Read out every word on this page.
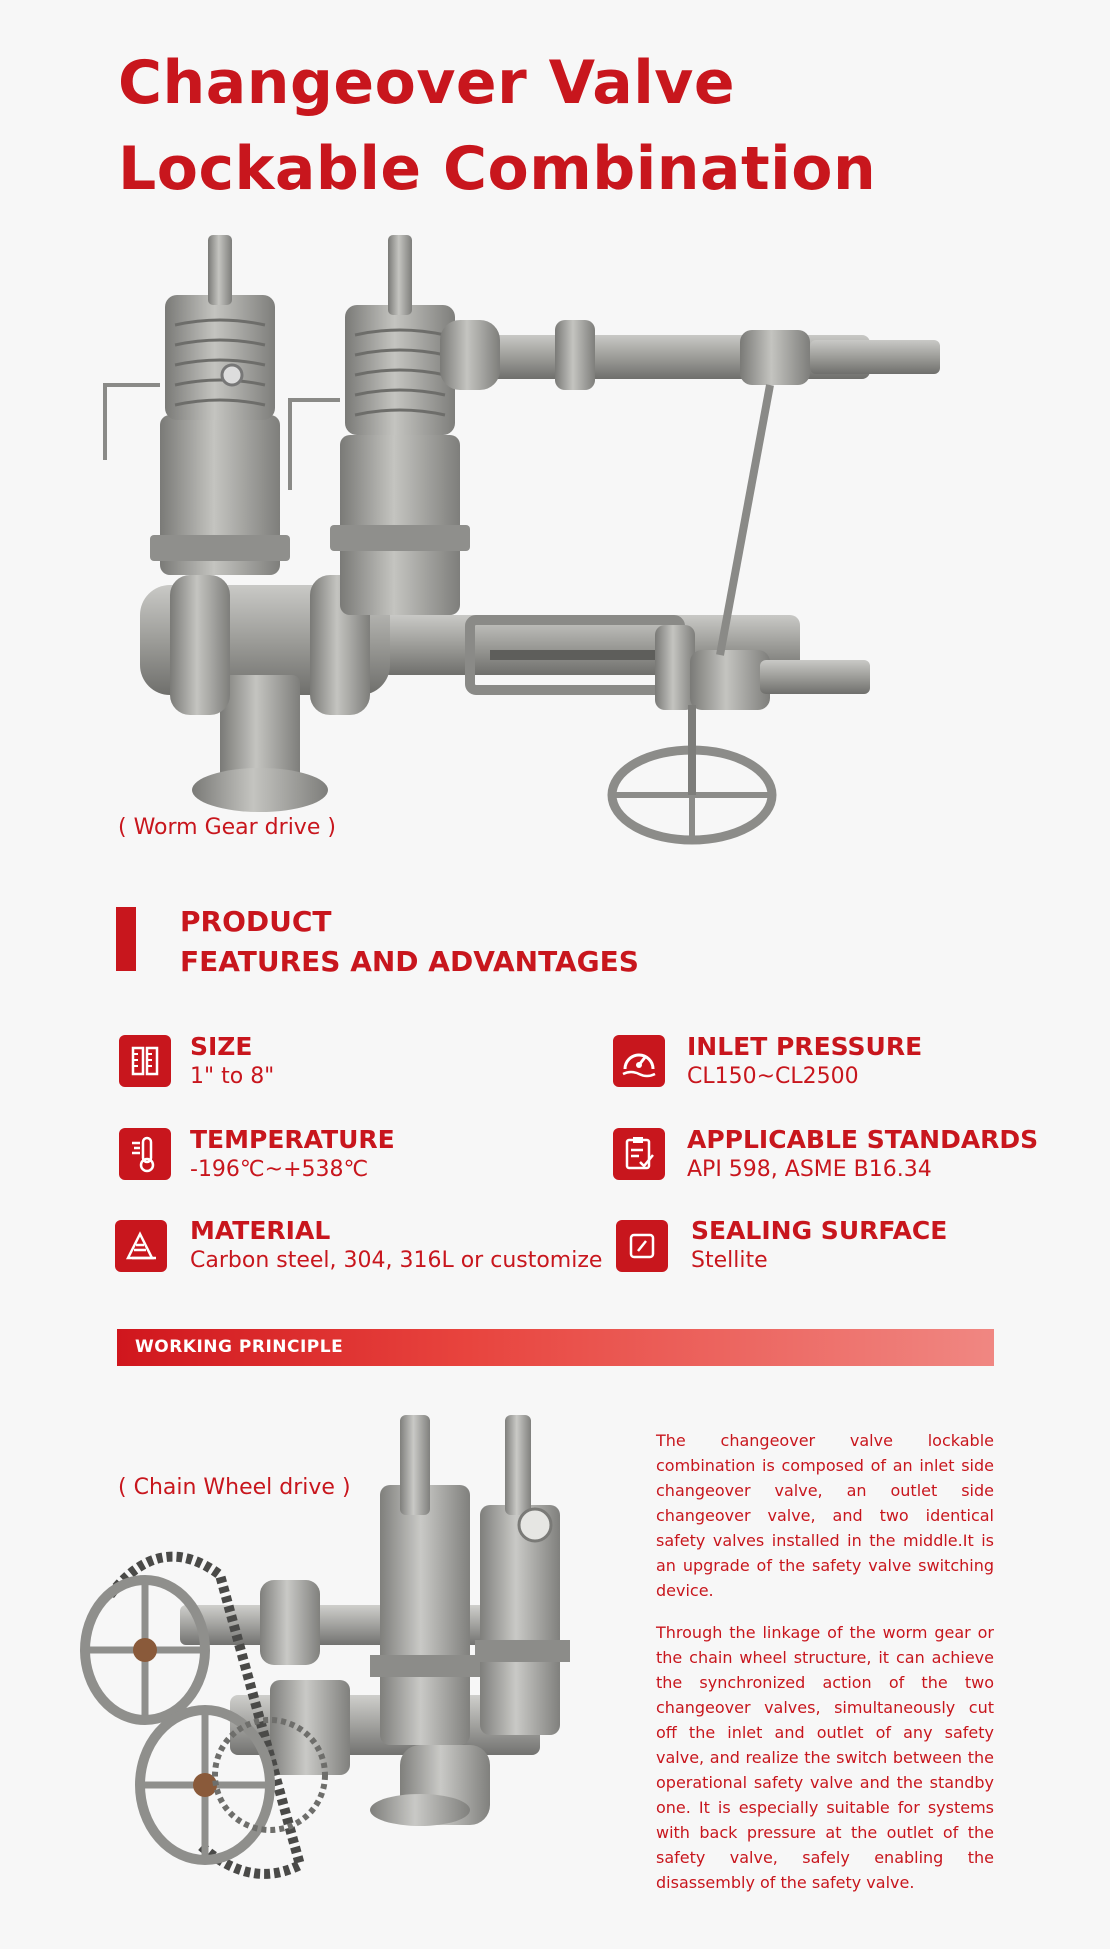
Changeover Valve
Lockable Combination
( Worm Gear drive )
PRODUCT
FEATURES AND ADVANTAGES
SIZE
1" to 8"
INLET PRESSURE
CL150~CL2500
TEMPERATURE
-196℃~+538℃
APPLICABLE STANDARDS
API 598, ASME B16.34
MATERIAL
Carbon steel, 304, 316L or customize
SEALING SURFACE
Stellite
WORKING PRINCIPLE
( Chain Wheel drive )

The changeover valve lockable combination is composed of an inlet side changeover valve, an outlet side changeover valve, and two identical safety valves installed in the middle.It is an upgrade of the safety valve switching device.

Through the linkage of the worm gear or the chain wheel structure, it can achieve the synchronized action of the two changeover valves, simultaneously cut off the inlet and outlet of any safety valve, and realize the switch between the operational safety valve and the standby one. It is especially suitable for systems with back pressure at the outlet of the safety valve, safely enabling the disassembly of the safety valve.
